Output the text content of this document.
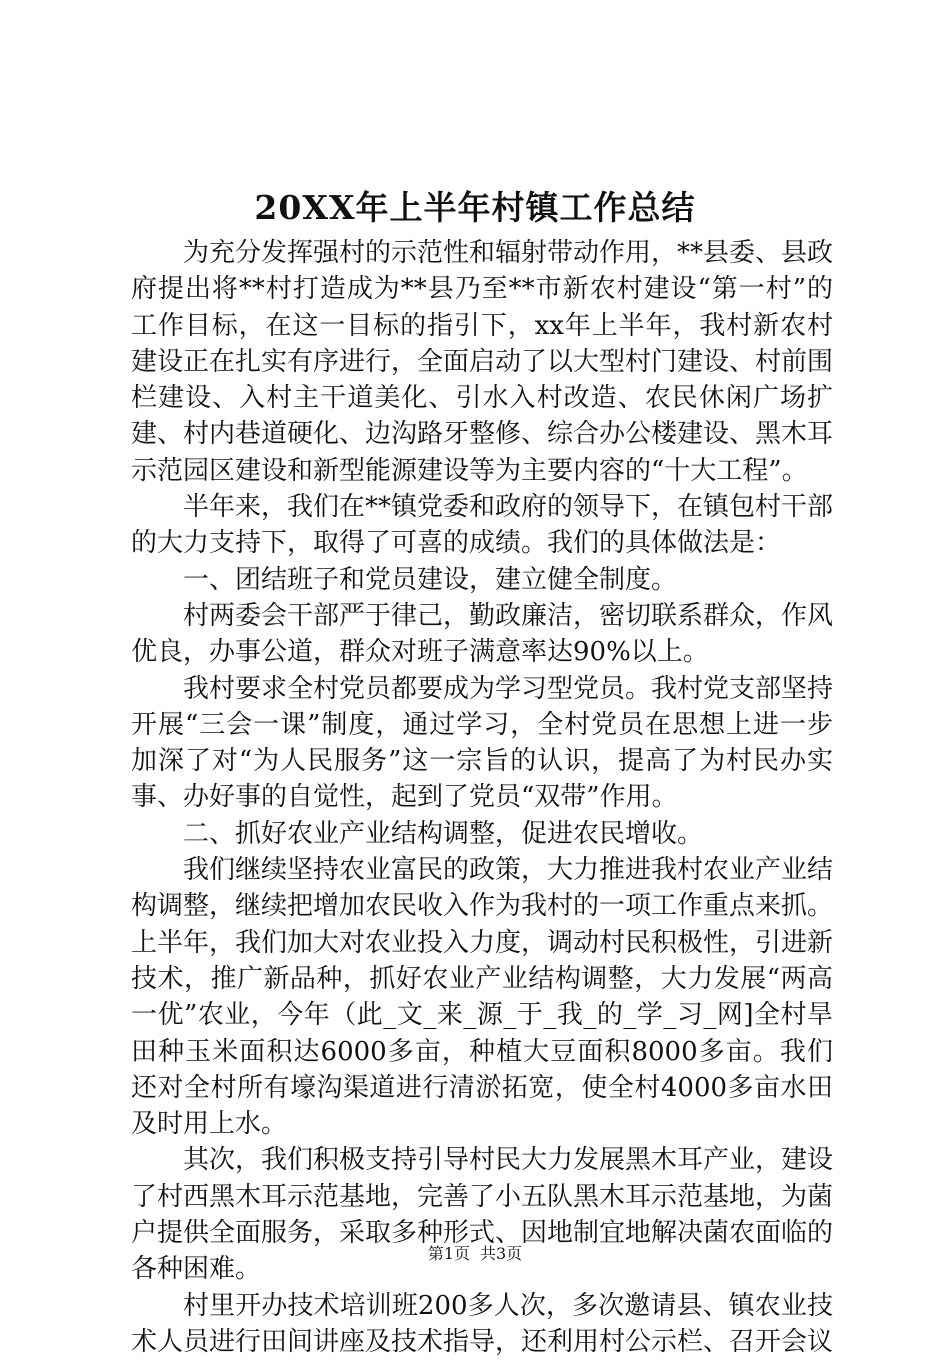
20XX年上半年村镇工作总结

为充分发挥强村的示范性和辐射带动作用，**县委、县政府提出将**村打造成为**县乃至**市新农村建设“第一村”的工作目标，在这一目标的指引下，xx年上半年，我村新农村建设正在扎实有序进行，全面启动了以大型村门建设、村前围栏建设、入村主干道美化、引水入村改造、农民休闲广场扩建、村内巷道硬化、边沟路牙整修、综合办公楼建设、黑木耳示范园区建设和新型能源建设等为主要内容的“十大工程”。

半年来，我们在**镇党委和政府的领导下，在镇包村干部的大力支持下，取得了可喜的成绩。我们的具体做法是：

一、团结班子和党员建设，建立健全制度。

村两委会干部严于律己，勤政廉洁，密切联系群众，作风优良，办事公道，群众对班子满意率达90%以上。

我村要求全村党员都要成为学习型党员。我村党支部坚持开展“三会一课”制度，通过学习，全村党员在思想上进一步加深了对“为人民服务”这一宗旨的认识，提高了为村民办实事、办好事的自觉性，起到了党员“双带”作用。

二、抓好农业产业结构调整，促进农民增收。

我们继续坚持农业富民的政策，大力推进我村农业产业结构调整，继续把增加农民收入作为我村的一项工作重点来抓。上半年，我们加大对农业投入力度，调动村民积极性，引进新技术，推广新品种，抓好农业产业结构调整，大力发展“两高一优”农业，今年（此_文_来_源_于_我_的_学_习_网]全村旱田种玉米面积达6000多亩，种植大豆面积8000多亩。我们还对全村所有壕沟渠道进行清淤拓宽，使全村4000多亩水田及时用上水。

其次，我们积极支持引导村民大力发展黑木耳产业，建设了村西黑木耳示范基地，完善了小五队黑木耳示范基地，为菌户提供全面服务，采取多种形式、因地制宜地解决菌农面临的各种困难。

村里开办技术培训班200多人次，多次邀请县、镇农业技术人员进行田间讲座及技术指导，还利用村公示栏、召开会议

第1页 共3页
